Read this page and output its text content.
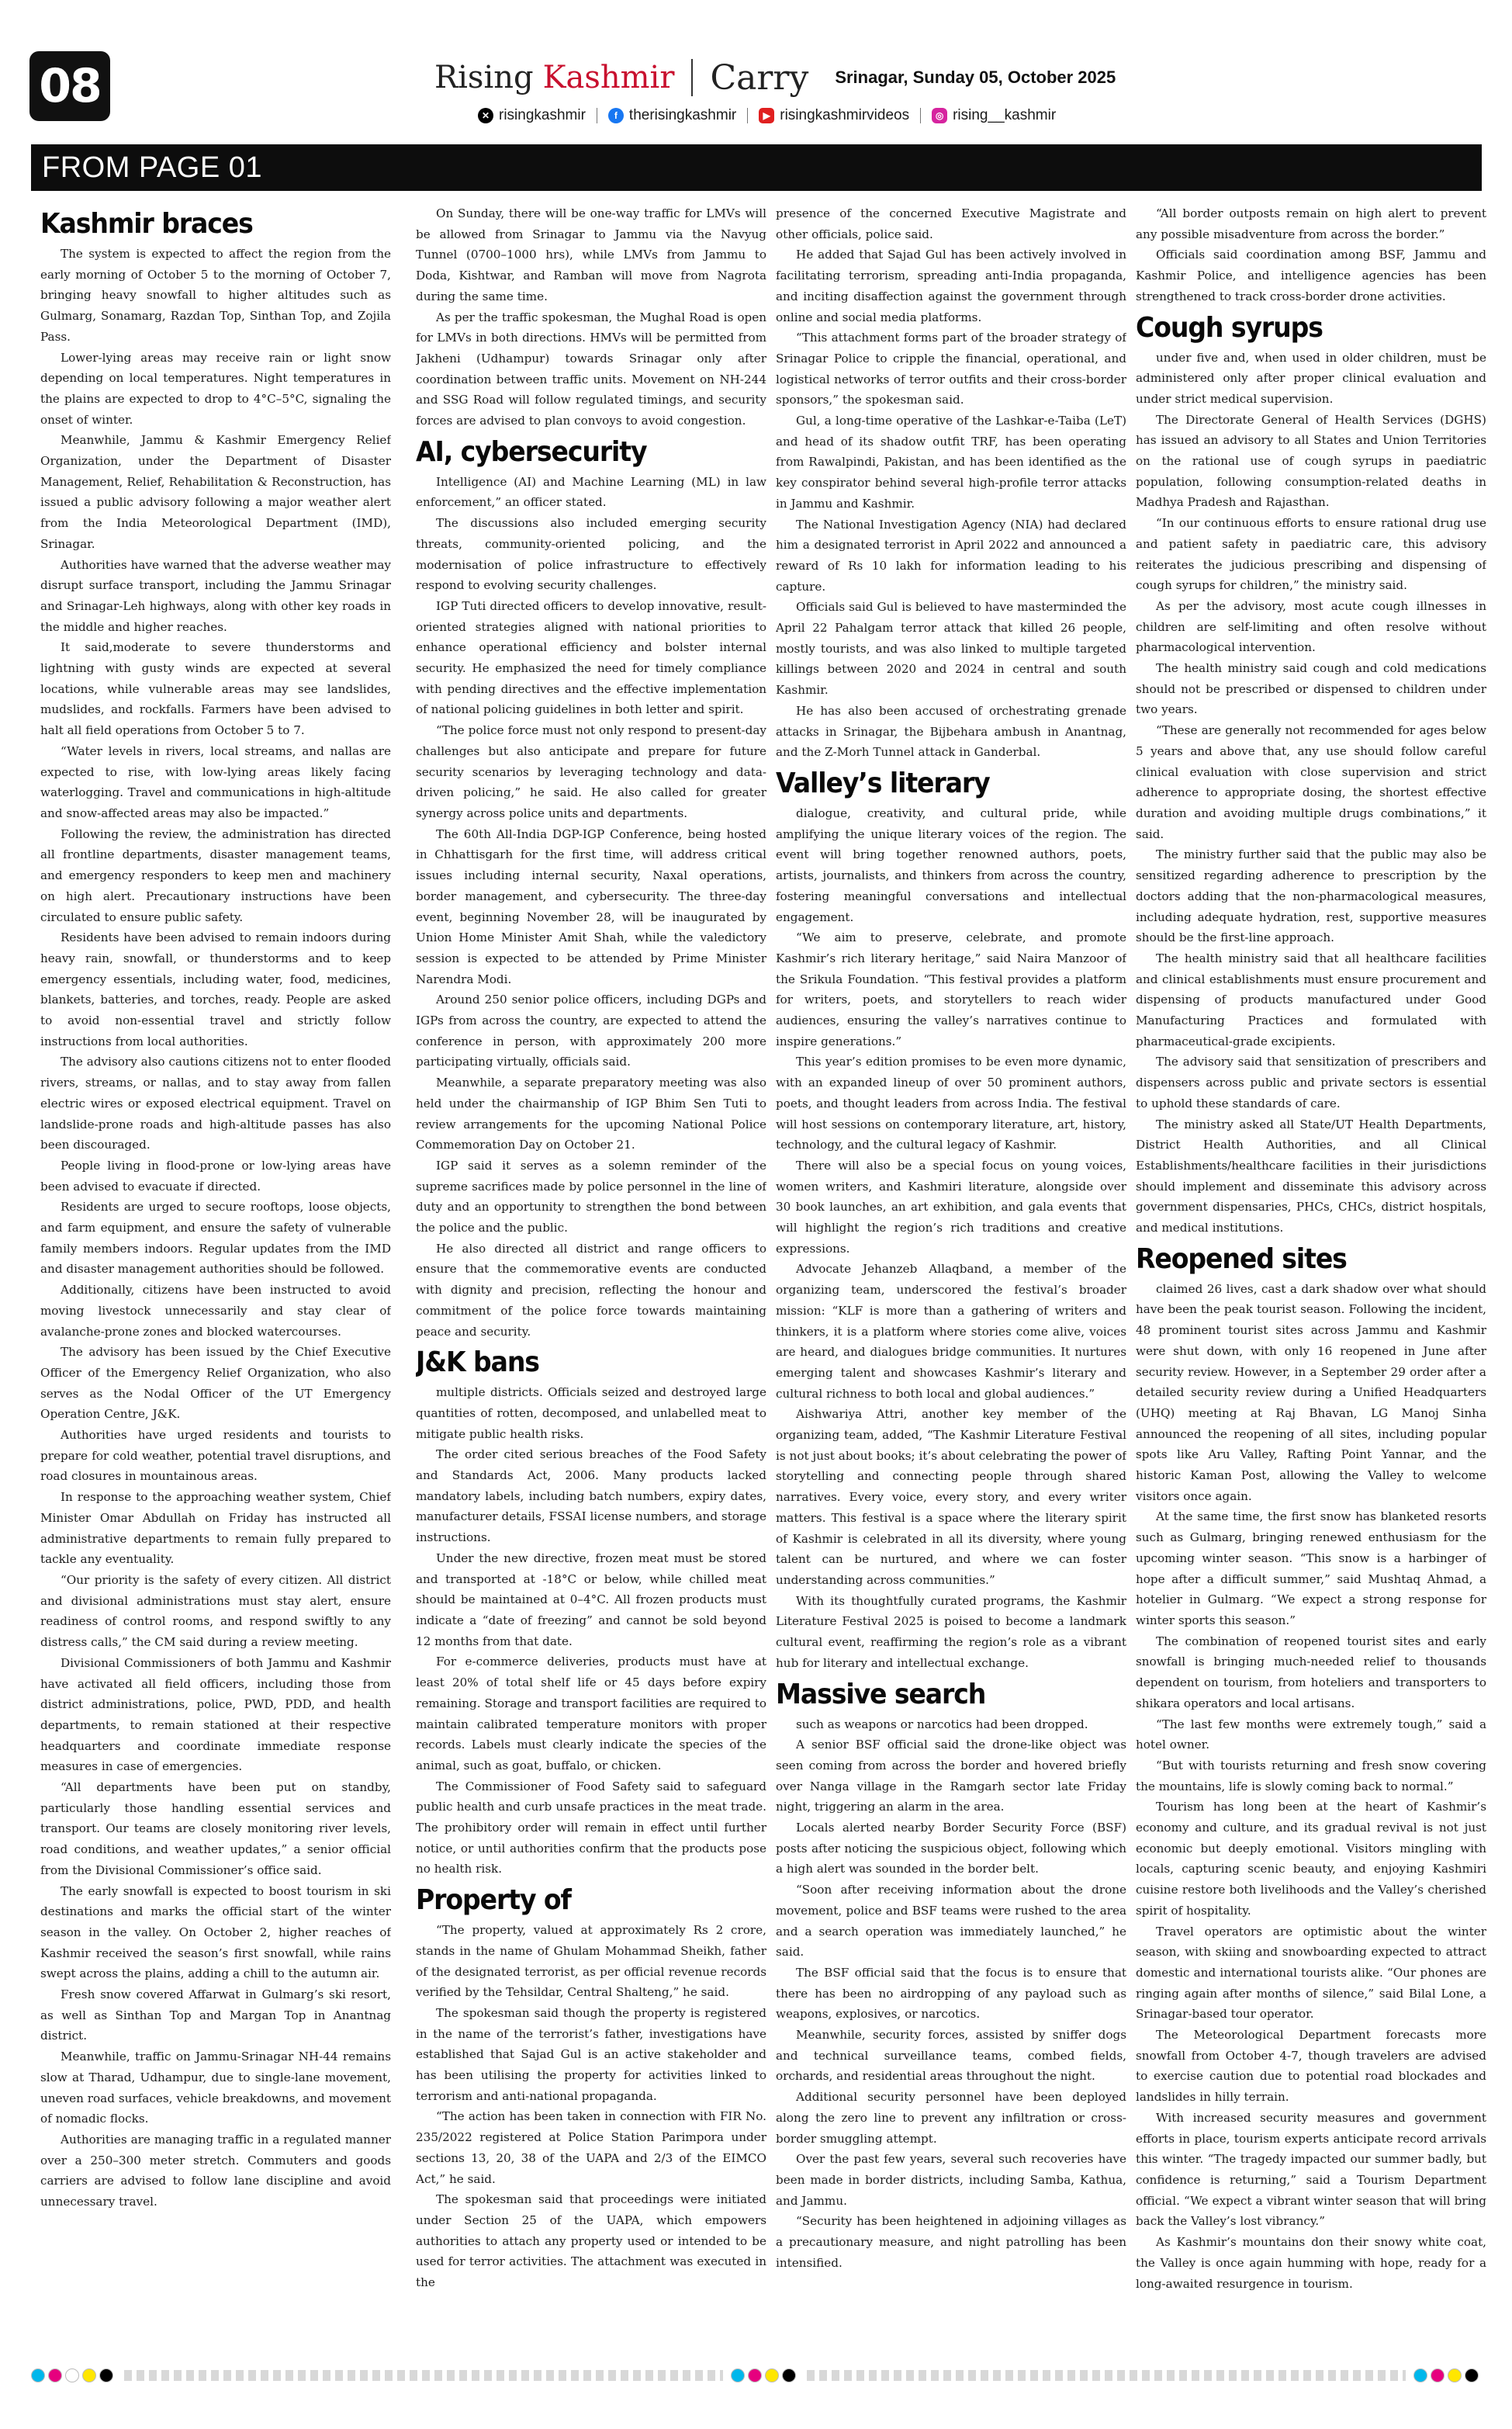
08	Rising Kashmir Carry Srinagar, Sunday 05, October 2025
✕ risingkashmir	f therisingkashmir	▶ risingkashmirvideos	◎ rising__kashmir
FROM PAGE 01
Kashmir braces

The system is expected to affect the region from the early morning of October 5 to the morning of October 7, bringing heavy snowfall to higher altitudes such as Gulmarg, Sonamarg, Razdan Top, Sinthan Top, and Zojila Pass.

Lower-lying areas may receive rain or light snow depending on local temperatures. Night temperatures in the plains are expected to drop to 4°C–5°C, signaling the onset of winter.

Meanwhile, Jammu & Kashmir Emergency Relief Organization, under the Department of Disaster Management, Relief, Rehabilitation & Reconstruction, has issued a public advisory following a major weather alert from the India Meteorological Department (IMD), Srinagar.

Authorities have warned that the adverse weather may disrupt surface transport, including the Jammu Srinagar and Srinagar-Leh highways, along with other key roads in the middle and higher reaches.

It said,moderate to severe thunderstorms and lightning with gusty winds are expected at several locations, while vulnerable areas may see landslides, mudslides, and rockfalls. Farmers have been advised to halt all field operations from October 5 to 7.

“Water levels in rivers, local streams, and nallas are expected to rise, with low-lying areas likely facing waterlogging. Travel and communications in high-altitude and snow-affected areas may also be impacted.”

Following the review, the administration has directed all frontline departments, disaster management teams, and emergency responders to keep men and machinery on high alert. Precautionary instructions have been circulated to ensure public safety.

Residents have been advised to remain indoors during heavy rain, snowfall, or thunderstorms and to keep emergency essentials, including water, food, medicines, blankets, batteries, and torches, ready. People are asked to avoid non-essential travel and strictly follow instructions from local authorities.

The advisory also cautions citizens not to enter flooded rivers, streams, or nallas, and to stay away from fallen electric wires or exposed electrical equipment. Travel on landslide-prone roads and high-altitude passes has also been discouraged.

People living in flood-prone or low-lying areas have been advised to evacuate if directed.

Residents are urged to secure rooftops, loose objects, and farm equipment, and ensure the safety of vulnerable family members indoors. Regular updates from the IMD and disaster management authorities should be followed.

Additionally, citizens have been instructed to avoid moving livestock unnecessarily and stay clear of avalanche-prone zones and blocked watercourses.

The advisory has been issued by the Chief Executive Officer of the Emergency Relief Organization, who also serves as the Nodal Officer of the UT Emergency Operation Centre, J&K.

Authorities have urged residents and tourists to prepare for cold weather, potential travel disruptions, and road closures in mountainous areas.

In response to the approaching weather system, Chief Minister Omar Abdullah on Friday has instructed all administrative departments to remain fully prepared to tackle any eventuality.

“Our priority is the safety of every citizen. All district and divisional administrations must stay alert, ensure readiness of control rooms, and respond swiftly to any distress calls,” the CM said during a review meeting.

Divisional Commissioners of both Jammu and Kashmir have activated all field officers, including those from district administrations, police, PWD, PDD, and health departments, to remain stationed at their respective headquarters and coordinate immediate response measures in case of emergencies.

“All departments have been put on standby, particularly those handling essential services and transport. Our teams are closely monitoring river levels, road conditions, and weather updates,” a senior official from the Divisional Commissioner’s office said.

The early snowfall is expected to boost tourism in ski destinations and marks the official start of the winter season in the valley. On October 2, higher reaches of Kashmir received the season’s first snowfall, while rains swept across the plains, adding a chill to the autumn air.

Fresh snow covered Affarwat in Gulmarg’s ski resort, as well as Sinthan Top and Margan Top in Anantnag district.

Meanwhile, traffic on Jammu-Srinagar NH-44 remains slow at Tharad, Udhampur, due to single-lane movement, uneven road surfaces, vehicle breakdowns, and movement of nomadic flocks.

Authorities are managing traffic in a regulated manner over a 250–300 meter stretch. Commuters and goods carriers are advised to follow lane discipline and avoid unnecessary travel.

On Sunday, there will be one-way traffic for LMVs will be allowed from Srinagar to Jammu via the Navyug Tunnel (0700–1000 hrs), while LMVs from Jammu to Doda, Kishtwar, and Ramban will move from Nagrota during the same time.

As per the traffic spokesman, the Mughal Road is open for LMVs in both directions. HMVs will be permitted from Jakheni (Udhampur) towards Srinagar only after coordination between traffic units. Movement on NH-244 and SSG Road will follow regulated timings, and security forces are advised to plan convoys to avoid congestion.

AI, cybersecurity

Intelligence (AI) and Machine Learning (ML) in law enforcement,” an officer stated.

The discussions also included emerging security threats, community-oriented policing, and the modernisation of police infrastructure to effectively respond to evolving security challenges.

IGP Tuti directed officers to develop innovative, result-oriented strategies aligned with national priorities to enhance operational efficiency and bolster internal security. He emphasized the need for timely compliance with pending directives and the effective implementation of national policing guidelines in both letter and spirit.

“The police force must not only respond to present-day challenges but also anticipate and prepare for future security scenarios by leveraging technology and data-driven policing,” he said. He also called for greater synergy across police units and departments.

The 60th All-India DGP-IGP Conference, being hosted in Chhattisgarh for the first time, will address critical issues including internal security, Naxal operations, border management, and cybersecurity. The three-day event, beginning November 28, will be inaugurated by Union Home Minister Amit Shah, while the valedictory session is expected to be attended by Prime Minister Narendra Modi.

Around 250 senior police officers, including DGPs and IGPs from across the country, are expected to attend the conference in person, with approximately 200 more participating virtually, officials said.

Meanwhile, a separate preparatory meeting was also held under the chairmanship of IGP Bhim Sen Tuti to review arrangements for the upcoming National Police Commemoration Day on October 21.

IGP said it serves as a solemn reminder of the supreme sacrifices made by police personnel in the line of duty and an opportunity to strengthen the bond between the police and the public.

He also directed all district and range officers to ensure that the commemorative events are conducted with dignity and precision, reflecting the honour and commitment of the police force towards maintaining peace and security.

J&K bans

multiple districts. Officials seized and destroyed large quantities of rotten, decomposed, and unlabelled meat to mitigate public health risks.

The order cited serious breaches of the Food Safety and Standards Act, 2006. Many products lacked mandatory labels, including batch numbers, expiry dates, manufacturer details, FSSAI license numbers, and storage instructions.

Under the new directive, frozen meat must be stored and transported at -18°C or below, while chilled meat should be maintained at 0–4°C. All frozen products must indicate a “date of freezing” and cannot be sold beyond 12 months from that date.

For e-commerce deliveries, products must have at least 20% of total shelf life or 45 days before expiry remaining. Storage and transport facilities are required to maintain calibrated temperature monitors with proper records. Labels must clearly indicate the species of the animal, such as goat, buffalo, or chicken.

The Commissioner of Food Safety said to safeguard public health and curb unsafe practices in the meat trade. The prohibitory order will remain in effect until further notice, or until authorities confirm that the products pose no health risk.

Property of

“The property, valued at approximately Rs 2 crore, stands in the name of Ghulam Mohammad Sheikh, father of the designated terrorist, as per official revenue records verified by the Tehsildar, Central Shalteng,” he said.

The spokesman said though the property is registered in the name of the terrorist’s father, investigations have established that Sajad Gul is an active stakeholder and has been utilising the property for activities linked to terrorism and anti-national propaganda.

“The action has been taken in connection with FIR No. 235/2022 registered at Police Station Parimpora under sections 13, 20, 38 of the UAPA and 2/3 of the EIMCO Act,” he said.

The spokesman said that proceedings were initiated under Section 25 of the UAPA, which empowers authorities to attach any property used or intended to be used for terror activities. The attachment was executed in the

presence of the concerned Executive Magistrate and other officials, police said.

He added that Sajad Gul has been actively involved in facilitating terrorism, spreading anti-India propaganda, and inciting disaffection against the government through online and social media platforms.

“This attachment forms part of the broader strategy of Srinagar Police to cripple the financial, operational, and logistical networks of terror outfits and their cross-border sponsors,” the spokesman said.

Gul, a long-time operative of the Lashkar-e-Taiba (LeT) and head of its shadow outfit TRF, has been operating from Rawalpindi, Pakistan, and has been identified as the key conspirator behind several high-profile terror attacks in Jammu and Kashmir.

The National Investigation Agency (NIA) had declared him a designated terrorist in April 2022 and announced a reward of Rs 10 lakh for information leading to his capture.

Officials said Gul is believed to have masterminded the April 22 Pahalgam terror attack that killed 26 people, mostly tourists, and was also linked to multiple targeted killings between 2020 and 2024 in central and south Kashmir.

He has also been accused of orchestrating grenade attacks in Srinagar, the Bijbehara ambush in Anantnag, and the Z-Morh Tunnel attack in Ganderbal.

Valley’s literary

dialogue, creativity, and cultural pride, while amplifying the unique literary voices of the region. The event will bring together renowned authors, poets, artists, journalists, and thinkers from across the country, fostering meaningful conversations and intellectual engagement.

“We aim to preserve, celebrate, and promote Kashmir’s rich literary heritage,” said Naira Manzoor of the Srikula Foundation. “This festival provides a platform for writers, poets, and storytellers to reach wider audiences, ensuring the valley’s narratives continue to inspire generations.”

This year’s edition promises to be even more dynamic, with an expanded lineup of over 50 prominent authors, poets, and thought leaders from across India. The festival will host sessions on contemporary literature, art, history, technology, and the cultural legacy of Kashmir.

There will also be a special focus on young voices, women writers, and Kashmiri literature, alongside over 30 book launches, an art exhibition, and gala events that will highlight the region’s rich traditions and creative expressions.

Advocate Jehanzeb Allaqband, a member of the organizing team, underscored the festival’s broader mission: “KLF is more than a gathering of writers and thinkers, it is a platform where stories come alive, voices are heard, and dialogues bridge communities. It nurtures emerging talent and showcases Kashmir’s literary and cultural richness to both local and global audiences.”

Aishwariya Attri, another key member of the organizing team, added, “The Kashmir Literature Festival is not just about books; it’s about celebrating the power of storytelling and connecting people through shared narratives. Every voice, every story, and every writer matters. This festival is a space where the literary spirit of Kashmir is celebrated in all its diversity, where young talent can be nurtured, and where we can foster understanding across communities.”

With its thoughtfully curated programs, the Kashmir Literature Festival 2025 is poised to become a landmark cultural event, reaffirming the region’s role as a vibrant hub for literary and intellectual exchange.

Massive search

such as weapons or narcotics had been dropped.

A senior BSF official said the drone-like object was seen coming from across the border and hovered briefly over Nanga village in the Ramgarh sector late Friday night, triggering an alarm in the area.

Locals alerted nearby Border Security Force (BSF) posts after noticing the suspicious object, following which a high alert was sounded in the border belt.

“Soon after receiving information about the drone movement, police and BSF teams were rushed to the area and a search operation was immediately launched,” he said.

The BSF official said that the focus is to ensure that there has been no airdropping of any payload such as weapons, explosives, or narcotics.

Meanwhile, security forces, assisted by sniffer dogs and technical surveillance teams, combed fields, orchards, and residential areas throughout the night.

Additional security personnel have been deployed along the zero line to prevent any infiltration or cross-border smuggling attempt.

Over the past few years, several such recoveries have been made in border districts, including Samba, Kathua, and Jammu.

“Security has been heightened in adjoining villages as a precautionary measure, and night patrolling has been intensified.

“All border outposts remain on high alert to prevent any possible misadventure from across the border.”

Officials said coordination among BSF, Jammu and Kashmir Police, and intelligence agencies has been strengthened to track cross-border drone activities.

Cough syrups

under five and, when used in older children, must be administered only after proper clinical evaluation and under strict medical supervision.

The Directorate General of Health Services (DGHS) has issued an advisory to all States and Union Territories on the rational use of cough syrups in paediatric population, following consumption-related deaths in Madhya Pradesh and Rajasthan.

“In our continuous efforts to ensure rational drug use and patient safety in paediatric care, this advisory reiterates the judicious prescribing and dispensing of cough syrups for children,” the ministry said.

As per the advisory, most acute cough illnesses in children are self-limiting and often resolve without pharmacological intervention.

The health ministry said cough and cold medications should not be prescribed or dispensed to children under two years.

“These are generally not recommended for ages below 5 years and above that, any use should follow careful clinical evaluation with close supervision and strict adherence to appropriate dosing, the shortest effective duration and avoiding multiple drugs combinations,” it said.

The ministry further said that the public may also be sensitized regarding adherence to prescription by the doctors adding that the non-pharmacological measures, including adequate hydration, rest, supportive measures should be the first-line approach.

The health ministry said that all healthcare facilities and clinical establishments must ensure procurement and dispensing of products manufactured under Good Manufacturing Practices and formulated with pharmaceutical-grade excipients.

The advisory said that sensitization of prescribers and dispensers across public and private sectors is essential to uphold these standards of care.

The ministry asked all State/UT Health Departments, District Health Authorities, and all Clinical Establishments/healthcare facilities in their jurisdictions should implement and disseminate this advisory across government dispensaries, PHCs, CHCs, district hospitals, and medical institutions.

Reopened sites

claimed 26 lives, cast a dark shadow over what should have been the peak tourist season. Following the incident, 48 prominent tourist sites across Jammu and Kashmir were shut down, with only 16 reopened in June after security review. However, in a September 29 order after a detailed security review during a Unified Headquarters (UHQ) meeting at Raj Bhavan, LG Manoj Sinha announced the reopening of all sites, including popular spots like Aru Valley, Rafting Point Yannar, and the historic Kaman Post, allowing the Valley to welcome visitors once again.

At the same time, the first snow has blanketed resorts such as Gulmarg, bringing renewed enthusiasm for the upcoming winter season. “This snow is a harbinger of hope after a difficult summer,” said Mushtaq Ahmad, a hotelier in Gulmarg. “We expect a strong response for winter sports this season.”

The combination of reopened tourist sites and early snowfall is bringing much-needed relief to thousands dependent on tourism, from hoteliers and transporters to shikara operators and local artisans.

“The last few months were extremely tough,” said a hotel owner.

“But with tourists returning and fresh snow covering the mountains, life is slowly coming back to normal.”

Tourism has long been at the heart of Kashmir’s economy and culture, and its gradual revival is not just economic but deeply emotional. Visitors mingling with locals, capturing scenic beauty, and enjoying Kashmiri cuisine restore both livelihoods and the Valley’s cherished spirit of hospitality.

Travel operators are optimistic about the winter season, with skiing and snowboarding expected to attract domestic and international tourists alike. “Our phones are ringing again after months of silence,” said Bilal Lone, a Srinagar-based tour operator.

The Meteorological Department forecasts more snowfall from October 4-7, though travelers are advised to exercise caution due to potential road blockades and landslides in hilly terrain.

With increased security measures and government efforts in place, tourism experts anticipate record arrivals this winter. “The tragedy impacted our summer badly, but confidence is returning,” said a Tourism Department official. “We expect a vibrant winter season that will bring back the Valley’s lost vibrancy.”

As Kashmir’s mountains don their snowy white coat, the Valley is once again humming with hope, ready for a long-awaited resurgence in tourism.
